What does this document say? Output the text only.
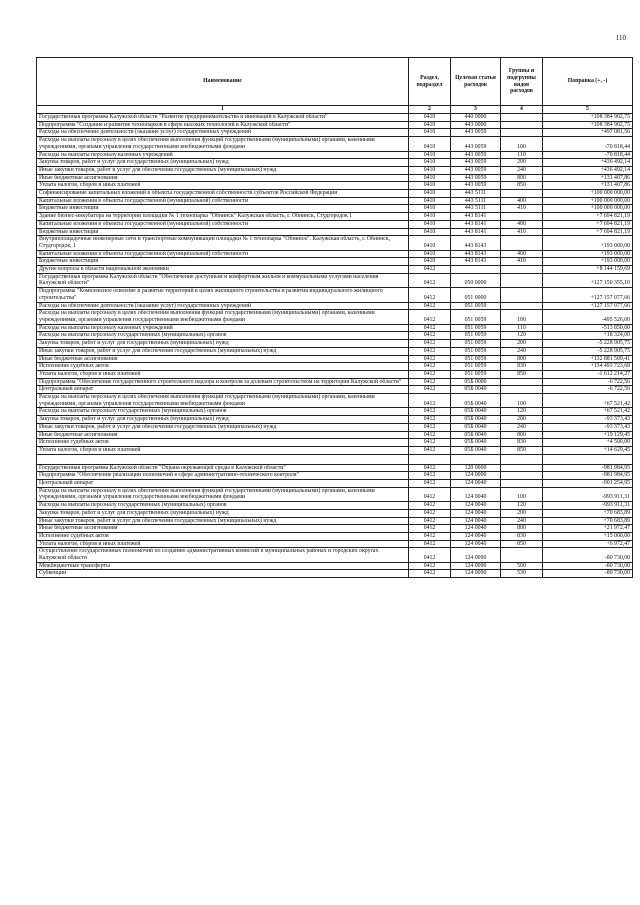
110
Наименование	Раздел, подраздел	Целевая статья расходов	Группы и подгруппы видов расходов	Поправка (+, -)
1	2	3	4	5
Государственная программа Калужской области "Развитие предпринимательства и инноваций в Калужской области"	0410	440 0000		+108 384 902,75
Подпрограмма "Создание и развитие технопарков в сфере высоких технологий в Калужской области"	0410	443 0000		+108 384 902,75
Расходы на обеспечение деятельности (оказание услуг) государственных учреждений	0410	443 0059		+497 081,56
Расходы на выплаты персоналу в целях обеспечения выполнения функций государственными (муниципальными) органами, казенными учреждениями, органами управления государственными внебюджетными фондами	0410	443 0059	100	-70 818,44
Расходы на выплаты персоналу казенных учреждений	0410	443 0059	110	-70 818,44
Закупка товаров, работ и услуг для государственных (муниципальных) нужд	0410	443 0059	200	+436 492,14
Иные закупки товаров, работ и услуг для обеспечения государственных (муниципальных) нужд	0410	443 0059	240	+436 492,14
Иные бюджетные ассигнования	0410	443 0059	800	+131 407,86
Уплата налогов, сборов и иных платежей	0410	443 0059	850	+131 407,86
Софинансирование капитальных вложений в объекты государственной собственности субъектов Российской Федерации	0410	443 5111		+100 000 000,00
Капитальные вложения в объекты государственной (муниципальной) собственности	0410	443 5111	400	+100 000 000,00
Бюджетные инвестиции	0410	443 5111	410	+100 000 000,00
Здание бизнес-инкубатора на территории площадки № 1 технопарка "Обнинск" Калужская область, г. Обнинск, Студгородок 1	0410	443 8141		+7 694 821,19
Капитальные вложения в объекты государственной (муниципальной) собственности	0410	443 8141	400	+7 694 821,19
Бюджетные инвестиции	0410	443 8141	410	+7 694 821,19
Внутриплощадочные инженерные сети и транспортные коммуникации площадки № 1 технопарка "Обнинск". Калужская область, г. Обнинск, Студгородок, 1	0410	443 8143		+193 000,00
Капитальные вложения в объекты государственной (муниципальной) собственности	0410	443 8143	400	+193 000,00
Бюджетные инвестиции	0410	443 8143	410	+193 000,00
Другие вопросы в области национальной экономики	0412			+8 144 159,69
Государственная программа Калужской области "Обеспечение доступным и комфортным жильем и коммунальными услугами населения Калужской области"	0412	050 0000		+127 150 355,10
Подпрограмма "Комплексное освоение и развитие территорий в целях жилищного строительства и развития индивидуального жилищного строительства"	0412	051 0000		+127 157 077,66
Расходы на обеспечение деятельности (оказание услуг) государственных учреждений	0412	051 0059		+127 157 077,66
Расходы на выплаты персоналу в целях обеспечения выполнения функций государственными (муниципальными) органами, казенными учреждениями, органами управления государственными внебюджетными фондами	0412	051 0059	100	-495 526,00
Расходы на выплаты персоналу казенных учреждений	0412	051 0059	110	-513 850,00
Расходы на выплаты персоналу государственных (муниципальных) органов	0412	051 0059	120	+18 324,00
Закупка товаров, работ и услуг для государственных (муниципальных) нужд	0412	051 0059	200	-5 228 905,75
Иные закупки товаров, работ и услуг для обеспечения государственных (муниципальных) нужд	0412	051 0059	240	-5 228 905,75
Иные бюджетные ассигнования	0412	051 0059	800	+132 881 509,41
Исполнение судебных актов	0412	051 0059	830	+134 493 723,68
Уплата налогов, сборов и иных платежей	0412	051 0059	850	-1 612 214,27
Подпрограмма "Обеспечение государственного строительного надзора и контроля за долевым строительством на территории Калужской области"	0412	05Б 0000		-6 722,56
Центральный аппарат	0412	05Б 0040		-6 722,56
Расходы на выплаты персоналу в целях обеспечения выполнения функций государственными (муниципальными) органами, казенными учреждениями, органами управления государственными внебюджетными фондами	0412	05Б 0040	100	+67 521,42
Расходы на выплаты персоналу государственных (муниципальных) органов	0412	05Б 0040	120	+67 521,42
Закупка товаров, работ и услуг для государственных (муниципальных) нужд	0412	05Б 0040	200	-93 373,43
Иные закупки товаров, работ и услуг для обеспечения государственных (муниципальных) нужд	0412	05Б 0040	240	-93 373,43
Иные бюджетные ассигнования	0412	05Б 0040	800	+19 129,45
Исполнение судебных актов	0412	05Б 0040	830	+4 500,00
Уплата налогов, сборов и иных платежей	0412	05Б 0040	850	+14 629,45

Государственная программа Калужской области "Охрана окружающей среды в Калужской области"	0412	120 0000		-981 984,95
Подпрограмма "Обеспечение реализации полномочий в сфере административно-технического контроля"	0412	124 0000		-981 984,95
Центральный аппарат	0412	124 0040		-901 254,95
Расходы на выплаты персоналу в целях обеспечения выполнения функций государственными (муниципальными) органами, казенными учреждениями, органами управления государственными внебюджетными фондами	0412	124 0040	100	-993 911,31
Расходы на выплаты персоналу государственных (муниципальных) органов	0412	124 0040	120	-993 911,31
Закупка товаров, работ и услуг для государственных (муниципальных) нужд	0412	124 0040	200	+70 683,89
Иные закупки товаров, работ и услуг для обеспечения государственных (муниципальных) нужд	0412	124 0040	240	+70 683,89
Иные бюджетные ассигнования	0412	124 0040	800	+21 972,47
Исполнение судебных актов	0412	124 0040	830	+15 000,00
Уплата налогов, сборов и иных платежей	0412	124 0040	850	+6 972,47
Осуществление государственных полномочий по созданию административных комиссий в муниципальных районах и городских округах Калужской области	0412	124 0090		-80 730,00
Межбюджетные трансферты	0412	124 0090	500	-80 730,00
Субвенции	0412	124 0090	530	-80 730,00
